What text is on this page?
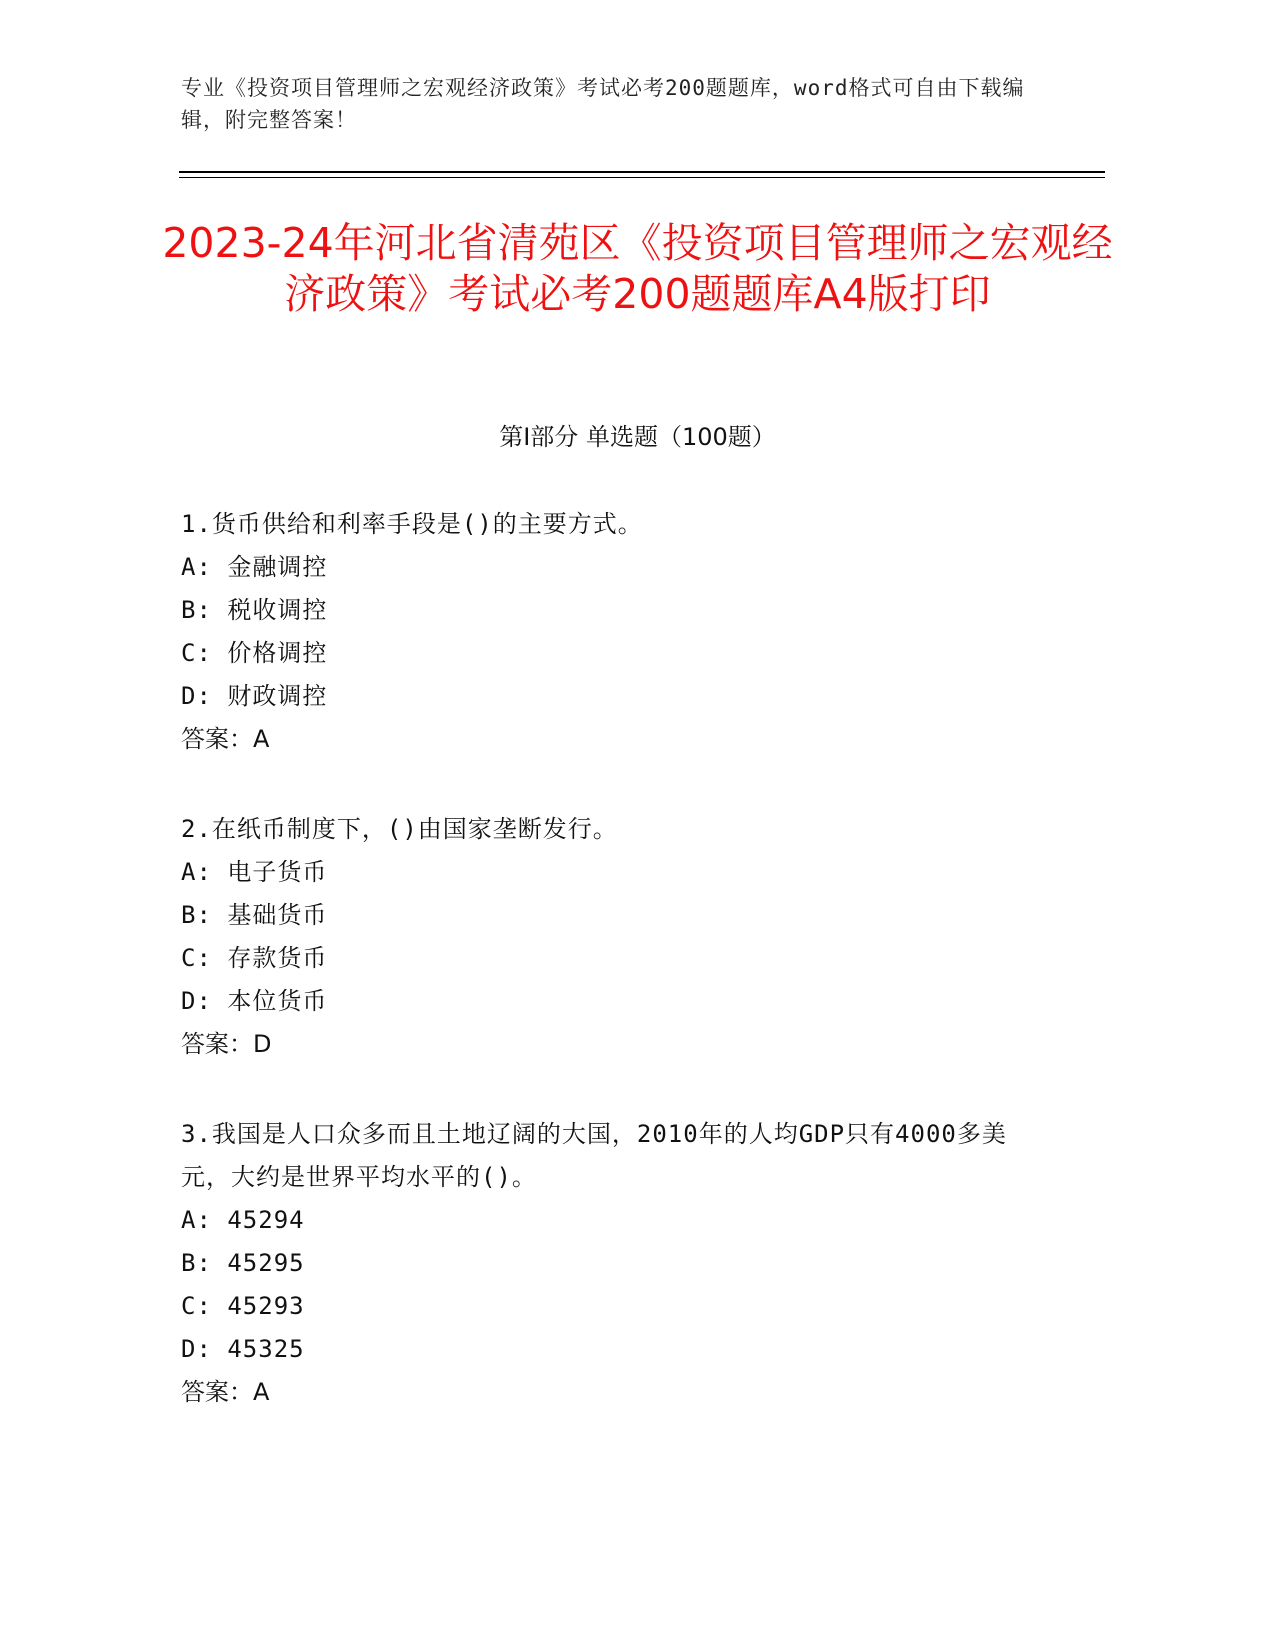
专业《投资项目管理师之宏观经济政策》考试必考200题题库，word格式可自由下载编辑，附完整答案！
2023-24年河北省清苑区《投资项目管理师之宏观经济政策》考试必考200题题库A4版打印
第I部分 单选题（100题）
1.货币供给和利率手段是()的主要方式。
A: 金融调控
B: 税收调控
C: 价格调控
D: 财政调控
答案：A
2.在纸币制度下，()由国家垄断发行。
A: 电子货币
B: 基础货币
C: 存款货币
D: 本位货币
答案：D
3.我国是人口众多而且土地辽阔的大国，2010年的人均GDP只有4000多美元，大约是世界平均水平的()。
A: 45294
B: 45295
C: 45293
D: 45325
答案：A
